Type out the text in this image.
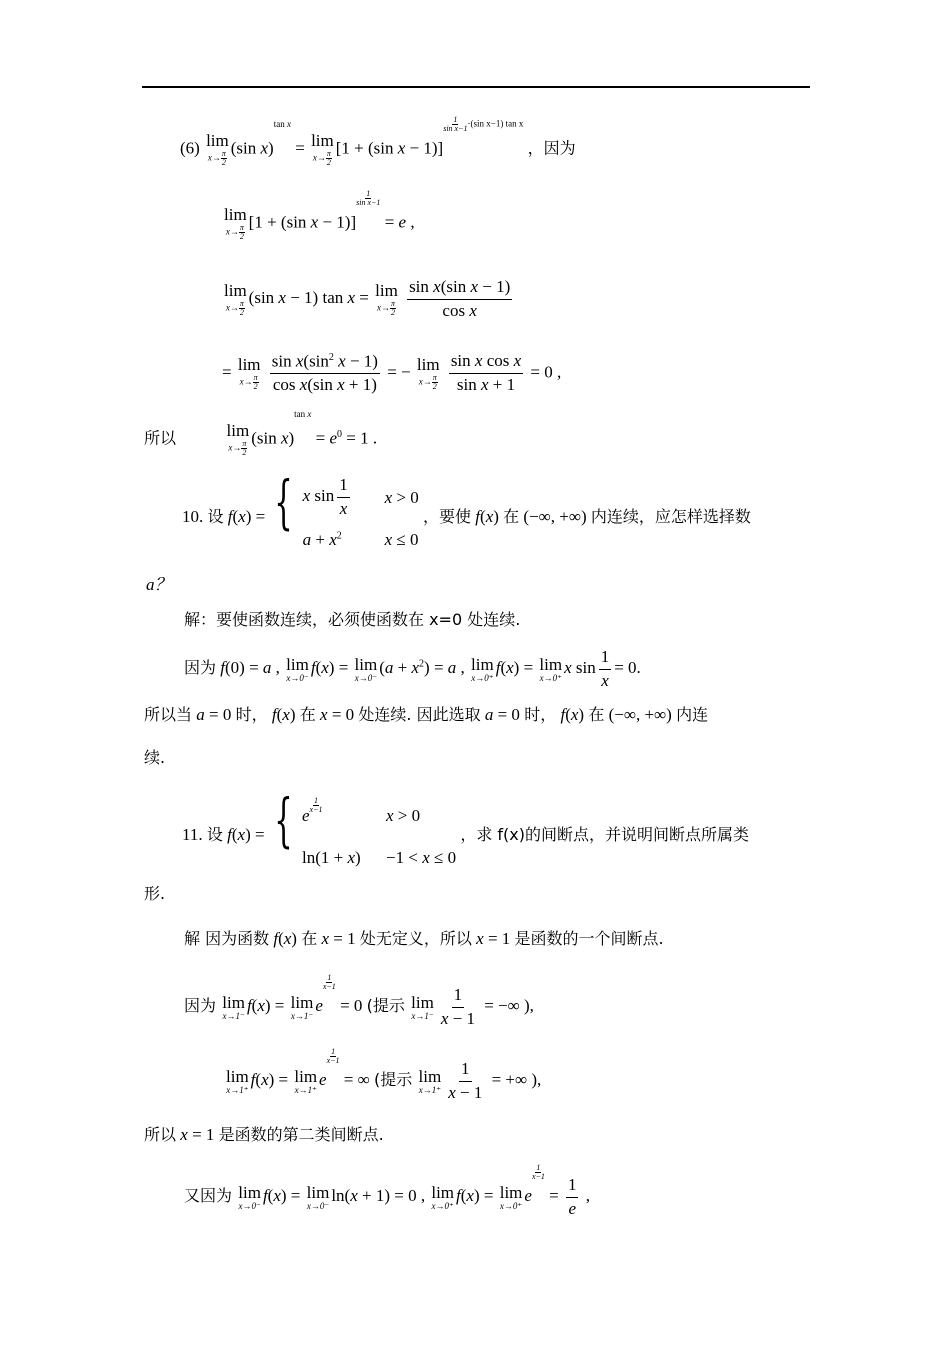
(6) lim
$x\to \frac{\pi}{2}$
(sin x)tan x = lim
$x\to \frac{\pi}{2}$
[1 + (sin x − 1)]
$\frac{1}{\text{sin x−1}} \cdot(\sin$ x−1) tan x ，因为
lim
$x\to \frac{\pi}{2}$
[1 + (sin x − 1)]
$\frac{1}{\text{sin x−1}}$
= e ,
lim
$x\to \frac{\pi}{2}$
(sin x − 1) tan x = lim
$x\to \frac{\pi}{2}$
$\frac{\text{sin x(sin x − 1)}}{\text{cos x}}$
= lim
$x\to \frac{\pi}{2}$
$\frac{\sin x(\sin^2 x - 1)}{\text{cos x(sin x + 1)}}$ = − lim
$x\to \frac{\pi}{2}$
$\frac{\text{sin x cos x}}{\text{sin x + 1}} = 0$ ,
所以	lim
$x\to \frac{\pi}{2}$
(sin x)tan $x = e^0 = 1$ .
10. 设 f(x) = { x $\sin \frac{1}{x}$ x > 0
$a + x^2$	x ≤ 0
，要使 f(x) 在 (−∞, +∞) 内连续，应怎样选择数
a？
解：要使函数连续，必须使函数在 x=0 处连续.
因为 f(0) = a , lim
x→0⁻
f(x) = lim
x→0⁻
$(a + x^2) = a$ , lim
x→0⁺
f(x) = lim
x→0⁺
x $\sin \frac{1}{x} = 0$.
所以当 a = 0 时， f(x) 在 x = 0 处连续. 因此选取 a = 0 时， f(x) 在 (−∞, +∞) 内连
续.
11. 设 f(x) = { e
$\frac{1}{x-1}$
x > 0
ln(1 + x)	−1 < x ≤ 0
，求 f(x)的间断点，并说明间断点所属类
形.
解 因为函数 f(x) 在 x = 1 处无定义，所以 x = 1 是函数的一个间断点.
因为 lim
x→1⁻
f(x) = lim
x→1⁻
e
$\frac{1}{x-1}$
= 0 (提示 lim
$x\to 1^- \frac{1}{x - 1}$ = −∞ ),
lim
x→1⁺
f(x) = lim
x→1⁺
e
$\frac{1}{x-1}$
= ∞ (提示 lim
$x\to 1^+ \frac{1}{x - 1}$ = +∞ ),
所以 x = 1 是函数的第二类间断点.
又因为 lim
x→0⁻
f(x) = lim
x→0⁻
ln(x + 1) = 0 , lim
x→0⁺
f(x) = lim
x→0⁺
e
$\frac{1}{x-1}$
= $\frac{1}{e}$ ,
